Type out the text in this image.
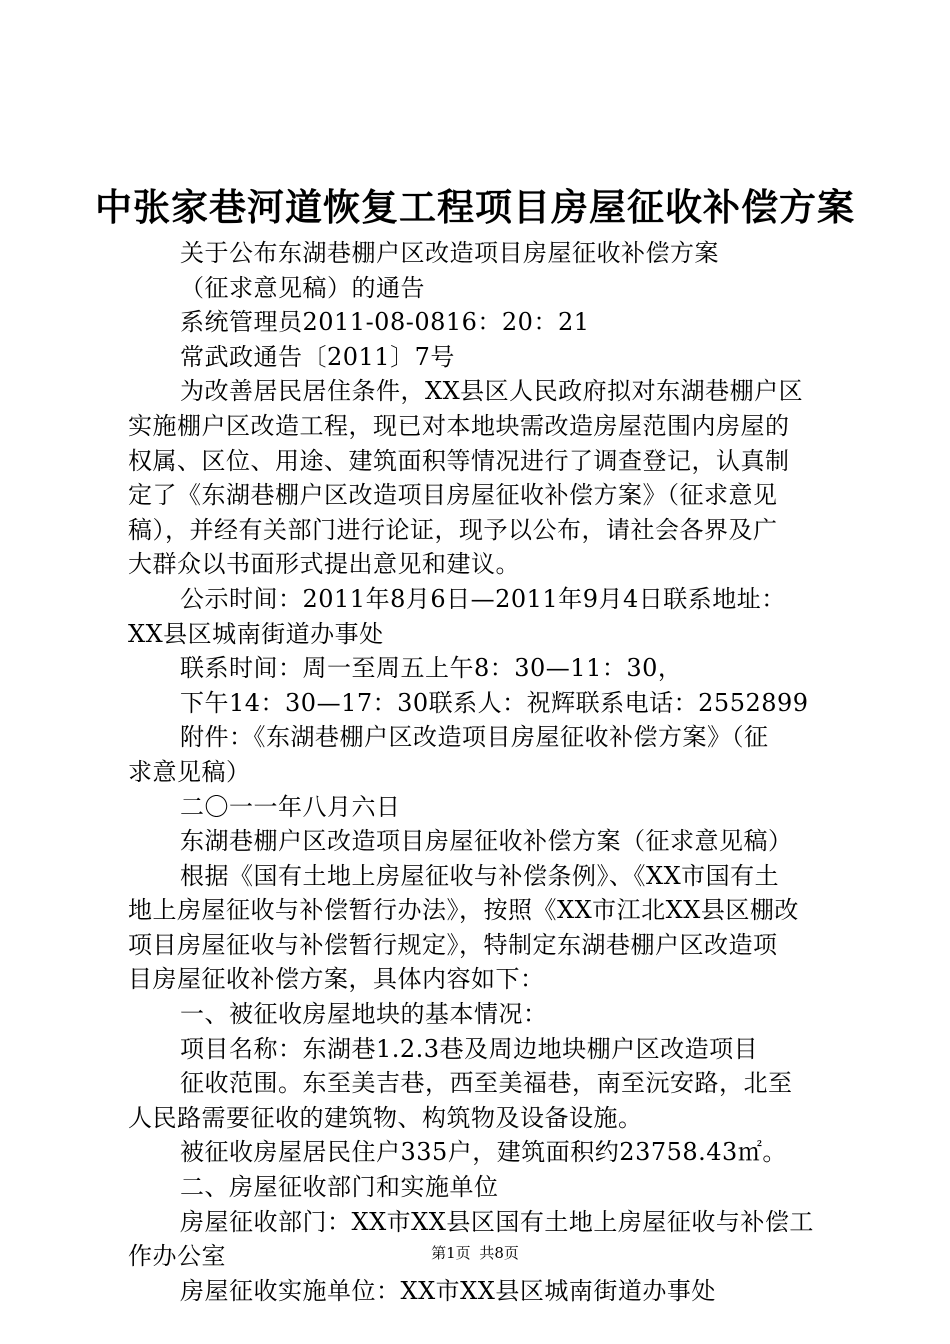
中张家巷河道恢复工程项目房屋征收补偿方案
关于公布东湖巷棚户区改造项目房屋征收补偿方案
（征求意见稿）的通告
系统管理员2011-08-0816：20：21
常武政通告〔2011〕7号
为改善居民居住条件，XX县区人民政府拟对东湖巷棚户区
实施棚户区改造工程，现已对本地块需改造房屋范围内房屋的
权属、区位、用途、建筑面积等情况进行了调查登记，认真制
定了《东湖巷棚户区改造项目房屋征收补偿方案》（征求意见
稿），并经有关部门进行论证，现予以公布，请社会各界及广
大群众以书面形式提出意见和建议。
公示时间：2011年8月6日—2011年9月4日联系地址：
XX县区城南街道办事处
联系时间：周一至周五上午8：30—11：30，
下午14：30—17：30联系人：祝辉联系电话：2552899
附件：《东湖巷棚户区改造项目房屋征收补偿方案》（征
求意见稿）
二〇一一年八月六日
东湖巷棚户区改造项目房屋征收补偿方案（征求意见稿）
根据《国有土地上房屋征收与补偿条例》、《XX市国有土
地上房屋征收与补偿暂行办法》，按照《XX市江北XX县区棚改
项目房屋征收与补偿暂行规定》，特制定东湖巷棚户区改造项
目房屋征收补偿方案，具体内容如下：
一、被征收房屋地块的基本情况：
项目名称：东湖巷1.2.3巷及周边地块棚户区改造项目
征收范围。东至美吉巷，西至美福巷，南至沅安路，北至
人民路需要征收的建筑物、构筑物及设备设施。
被征收房屋居民住户335户，建筑面积约23758.43㎡。
二、房屋征收部门和实施单位
房屋征收部门：XX市XX县区国有土地上房屋征收与补偿工
作办公室
房屋征收实施单位：XX市XX县区城南街道办事处
第1页 共8页
